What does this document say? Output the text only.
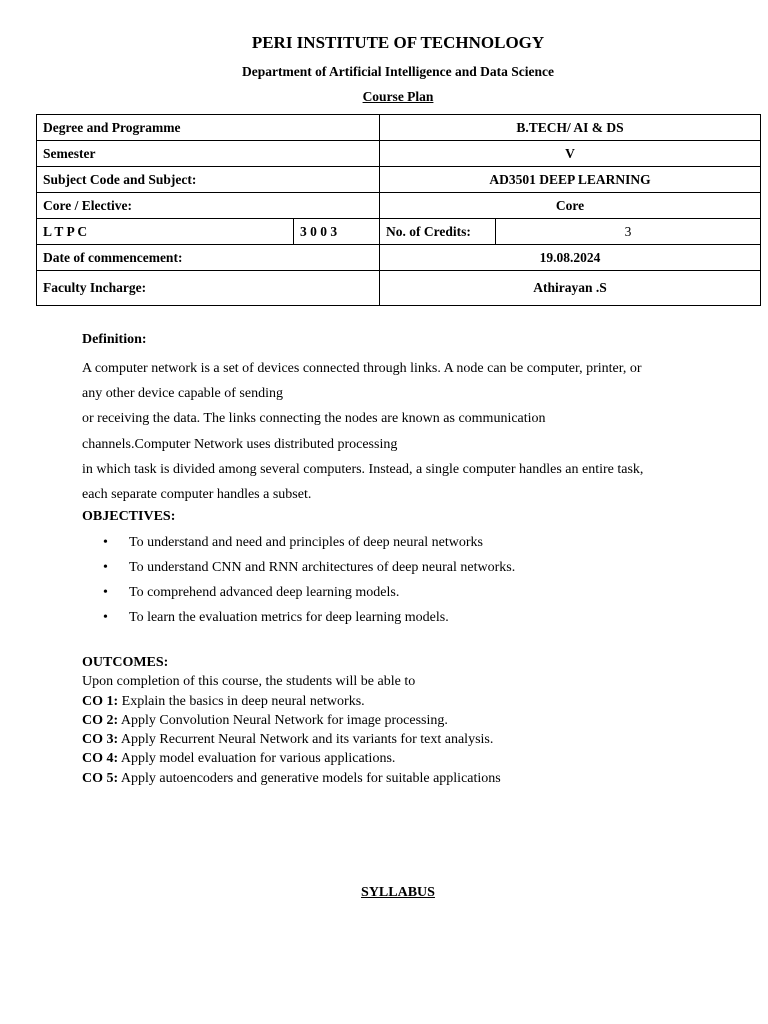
PERI INSTITUTE OF TECHNOLOGY
Department of Artificial Intelligence and Data Science
Course Plan
Degree and Programme		B.TECH/ AI & DS	
Semester		V	
Subject Code and Subject:		AD3501 DEEP LEARNING	
Core / Elective:		Core	
L T P C	3 0 0 3	No. of Credits:	3
Date of commencement:		19.08.2024	
Faculty Incharge:		Athirayan .S	
Definition:
A computer network is a set of devices connected through links. A node can be computer, printer, or
any other device capable of sending
or receiving the data. The links connecting the nodes are known as communication
channels.Computer Network uses distributed processing
in which task is divided among several computers. Instead, a single computer handles an entire task,
each separate computer handles a subset.
OBJECTIVES:
• To understand and need and principles of deep neural networks
• To understand CNN and RNN architectures of deep neural networks.
• To comprehend advanced deep learning models.
• To learn the evaluation metrics for deep learning models.
OUTCOMES:
Upon completion of this course, the students will be able to
CO 1: Explain the basics in deep neural networks.
CO 2: Apply Convolution Neural Network for image processing.
CO 3: Apply Recurrent Neural Network and its variants for text analysis.
CO 4: Apply model evaluation for various applications.
CO 5: Apply autoencoders and generative models for suitable applications
SYLLABUS
